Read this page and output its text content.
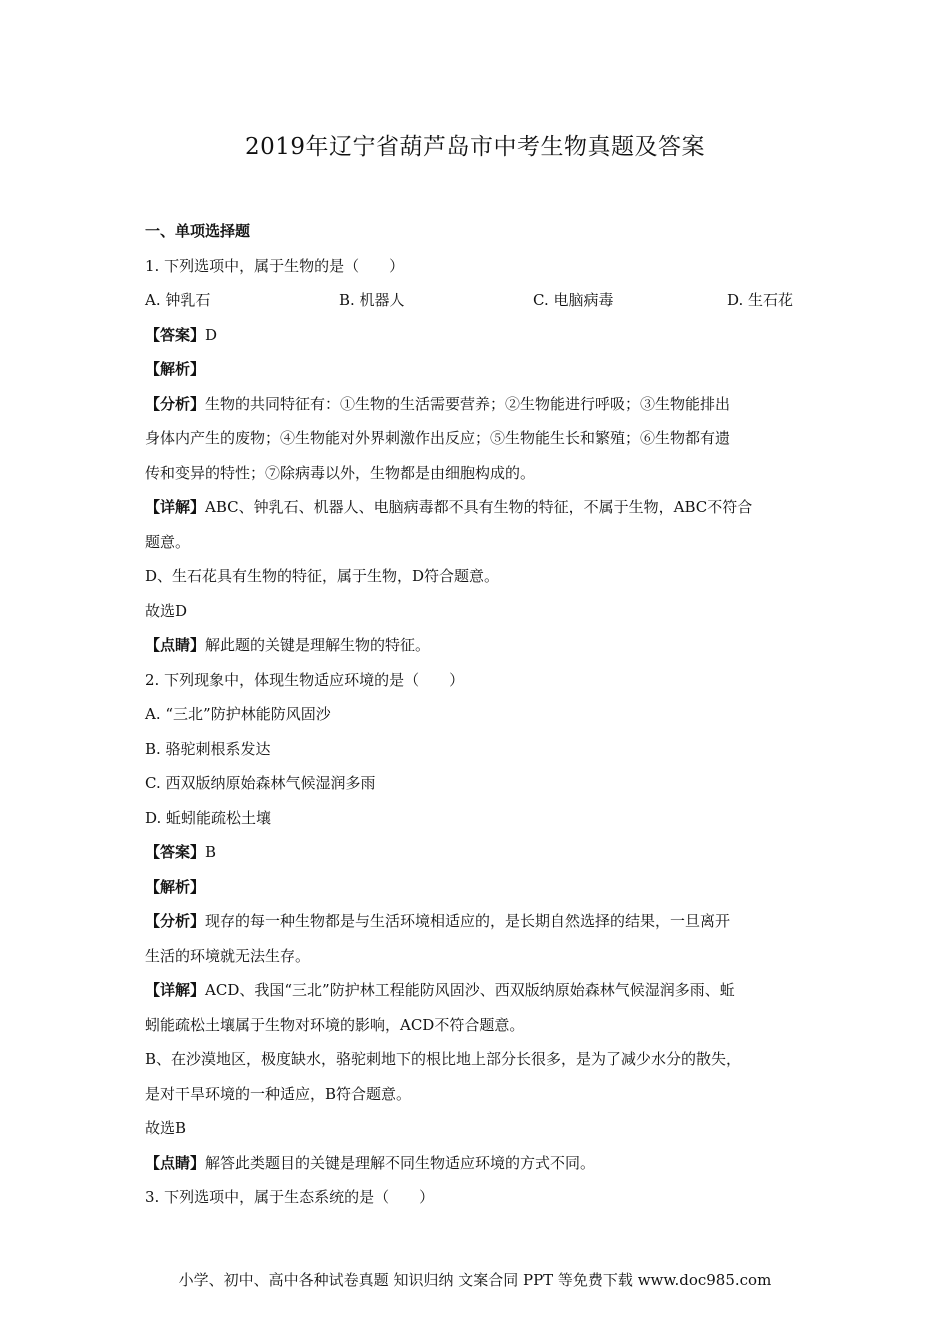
2019年辽宁省葫芦岛市中考生物真题及答案
一、单项选择题
1. 下列选项中，属于生物的是（　　）
A. 钟乳石	B. 机器人	C. 电脑病毒	D. 生石花
【答案】D
【解析】
【分析】生物的共同特征有：①生物的生活需要营养；②生物能进行呼吸；③生物能排出
身体内产生的废物；④生物能对外界刺激作出反应；⑤生物能生长和繁殖；⑥生物都有遗
传和变异的特性；⑦除病毒以外，生物都是由细胞构成的。
【详解】ABC、钟乳石、机器人、电脑病毒都不具有生物的特征，不属于生物，ABC不符合
题意。
D、生石花具有生物的特征，属于生物，D符合题意。
故选D
【点睛】解此题的关键是理解生物的特征。
2. 下列现象中，体现生物适应环境的是（　　）
A. “三北”防护林能防风固沙
B. 骆驼刺根系发达
C. 西双版纳原始森林气候湿润多雨
D. 蚯蚓能疏松土壤
【答案】B
【解析】
【分析】现存的每一种生物都是与生活环境相适应的，是长期自然选择的结果，一旦离开
生活的环境就无法生存。
【详解】ACD、我国“三北”防护林工程能防风固沙、西双版纳原始森林气候湿润多雨、蚯
蚓能疏松土壤属于生物对环境的影响，ACD不符合题意。
B、在沙漠地区，极度缺水，骆驼刺地下的根比地上部分长很多，是为了减少水分的散失，
是对干旱环境的一种适应，B符合题意。
故选B
【点睛】解答此类题目的关键是理解不同生物适应环境的方式不同。
3. 下列选项中，属于生态系统的是（　　）
小学、初中、高中各种试卷真题 知识归纳 文案合同 PPT 等免费下载 www.doc985.com
